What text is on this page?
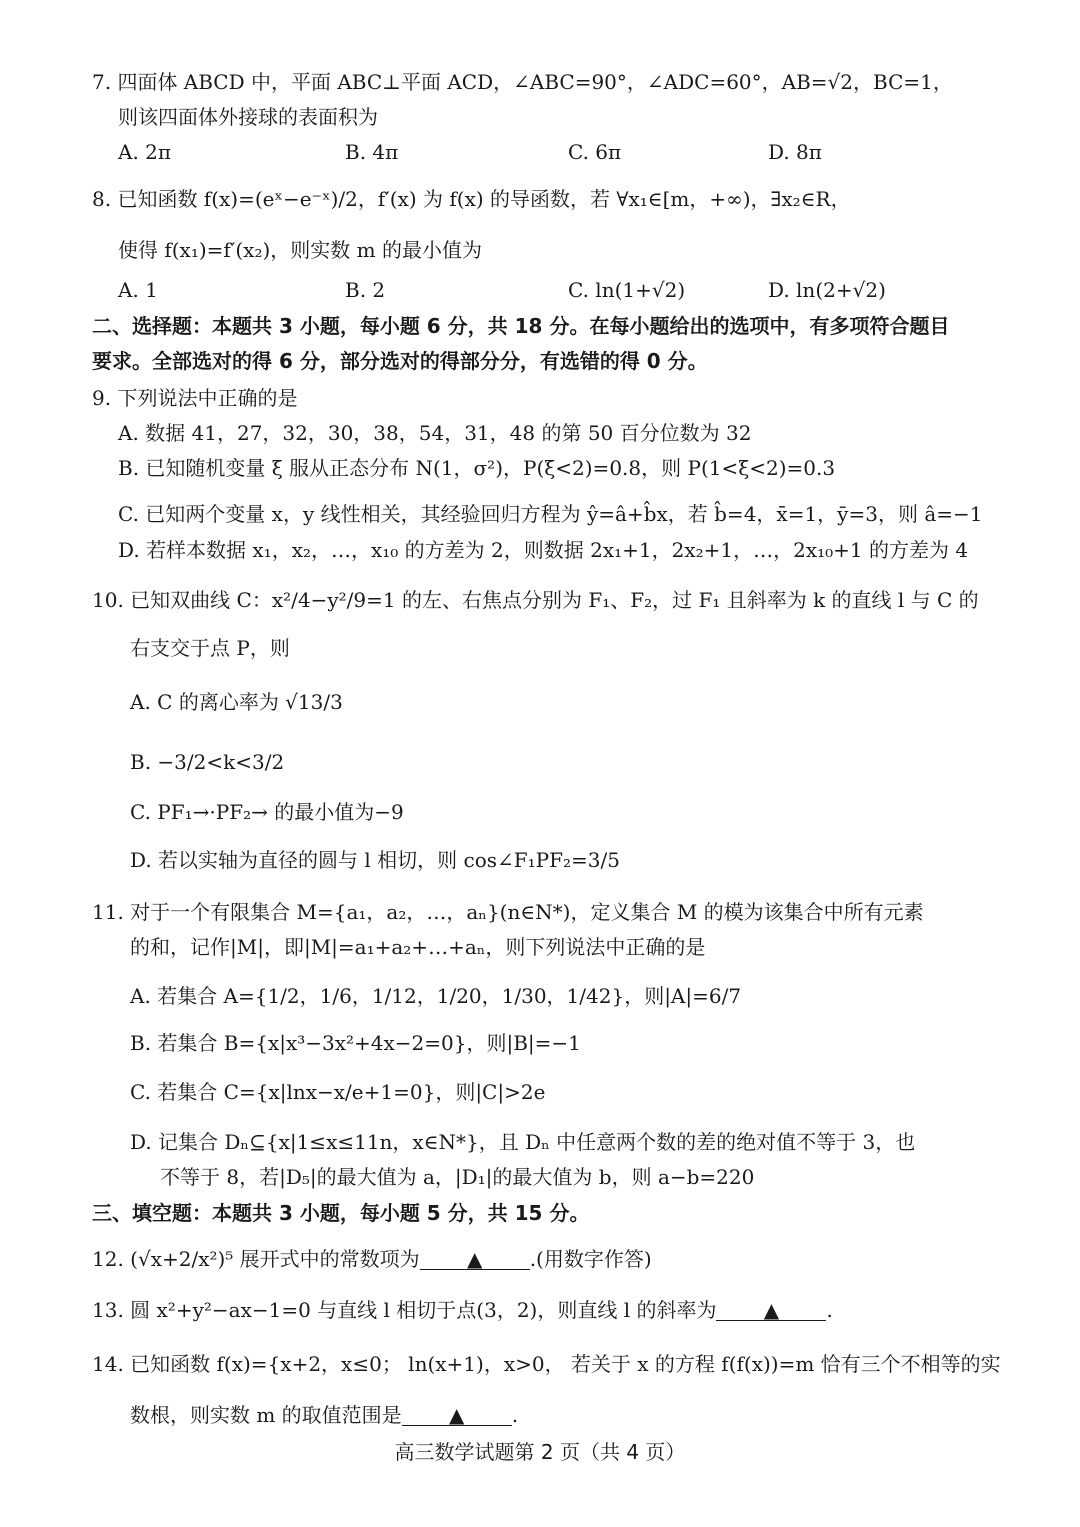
7. 四面体 ABCD 中，平面 ABC⊥平面 ACD，∠ABC=90°，∠ADC=60°，AB=√2，BC=1，
则该四面体外接球的表面积为
A. 2π	B. 4π	C. 6π	D. 8π
8. 已知函数 f(x)=(eˣ−e⁻ˣ)/2，f′(x) 为 f(x) 的导函数，若 ∀x₁∈[m，+∞)，∃x₂∈R，
使得 f(x₁)=f′(x₂)，则实数 m 的最小值为
A. 1	B. 2	C. ln(1+√2)	D. ln(2+√2)
二、选择题：本题共 3 小题，每小题 6 分，共 18 分。在每小题给出的选项中，有多项符合题目
要求。全部选对的得 6 分，部分选对的得部分分，有选错的得 0 分。
9. 下列说法中正确的是
A. 数据 41，27，32，30，38，54，31，48 的第 50 百分位数为 32
B. 已知随机变量 ξ 服从正态分布 N(1，σ²)，P(ξ<2)=0.8，则 P(1<ξ<2)=0.3
C. 已知两个变量 x，y 线性相关，其经验回归方程为 ŷ=â+b̂x，若 b̂=4，x̄=1，ȳ=3，则 â=−1
D. 若样本数据 x₁，x₂，…，x₁₀ 的方差为 2，则数据 2x₁+1，2x₂+1，…，2x₁₀+1 的方差为 4
10. 已知双曲线 C：x²/4−y²/9=1 的左、右焦点分别为 F₁、F₂，过 F₁ 且斜率为 k 的直线 l 与 C 的
右支交于点 P，则
A. C 的离心率为 √13/3
B. −3/2<k<3/2
C. PF₁→·PF₂→ 的最小值为−9
D. 若以实轴为直径的圆与 l 相切，则 cos∠F₁PF₂=3/5
11. 对于一个有限集合 M={a₁，a₂，…，aₙ}(n∈N*)，定义集合 M 的模为该集合中所有元素
的和，记作|M|，即|M|=a₁+a₂+…+aₙ，则下列说法中正确的是
A. 若集合 A={1/2，1/6，1/12，1/20，1/30，1/42}，则|A|=6/7
B. 若集合 B={x|x³−3x²+4x−2=0}，则|B|=−1
C. 若集合 C={x|lnx−x/e+1=0}，则|C|>2e
D. 记集合 Dₙ⊆{x|1≤x≤11n，x∈N*}，且 Dₙ 中任意两个数的差的绝对值不等于 3，也
不等于 8，若|D₅|的最大值为 a，|D₁|的最大值为 b，则 a−b=220
三、填空题：本题共 3 小题，每小题 5 分，共 15 分。
12. (√x+2/x²)⁵ 展开式中的常数项为 ▲ .(用数字作答)
13. 圆 x²+y²−ax−1=0 与直线 l 相切于点(3，2)，则直线 l 的斜率为 ▲ .
14. 已知函数 f(x)={x+2，x≤0； ln(x+1)，x>0， 若关于 x 的方程 f(f(x))=m 恰有三个不相等的实
数根，则实数 m 的取值范围是 ▲ .
高三数学试题第 2 页（共 4 页）
